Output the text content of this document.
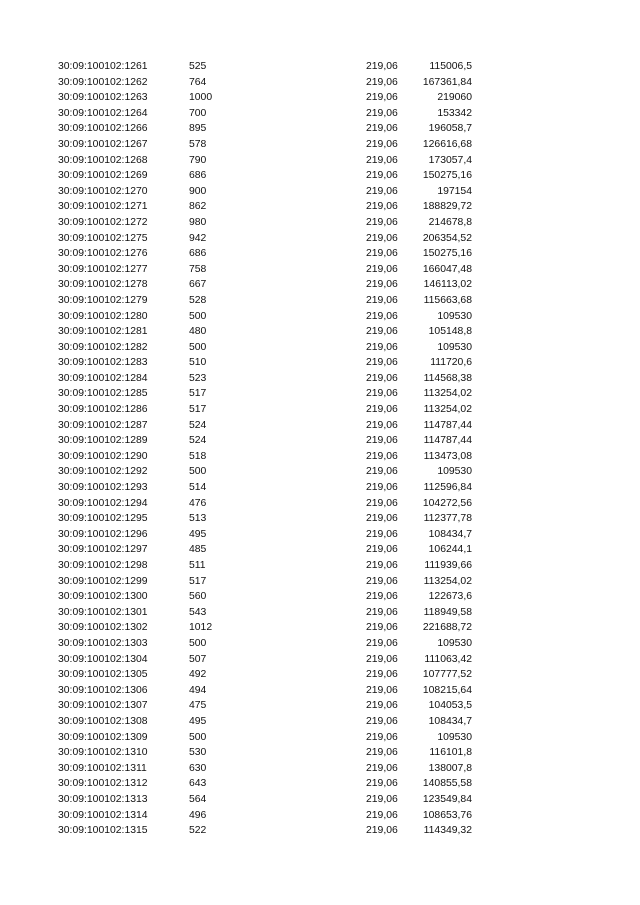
30:09:100102:1261	525	219,06	115006,5
30:09:100102:1262	764	219,06 167361,84
30:09:100102:1263	1000	219,06	219060
30:09:100102:1264	700	219,06	153342
30:09:100102:1266	895	219,06	196058,7
30:09:100102:1267	578	219,06 126616,68
30:09:100102:1268	790	219,06	173057,4
30:09:100102:1269	686	219,06 150275,16
30:09:100102:1270	900	219,06	197154
30:09:100102:1271	862	219,06 188829,72
30:09:100102:1272	980	219,06	214678,8
30:09:100102:1275	942	219,06 206354,52
30:09:100102:1276	686	219,06 150275,16
30:09:100102:1277	758	219,06 166047,48
30:09:100102:1278	667	219,06 146113,02
30:09:100102:1279	528	219,06 115663,68
30:09:100102:1280	500	219,06	109530
30:09:100102:1281	480	219,06	105148,8
30:09:100102:1282	500	219,06	109530
30:09:100102:1283	510	219,06	111720,6
30:09:100102:1284	523	219,06 114568,38
30:09:100102:1285	517	219,06 113254,02
30:09:100102:1286	517	219,06 113254,02
30:09:100102:1287	524	219,06 114787,44
30:09:100102:1289	524	219,06 114787,44
30:09:100102:1290	518	219,06 113473,08
30:09:100102:1292	500	219,06	109530
30:09:100102:1293	514	219,06 112596,84
30:09:100102:1294	476	219,06 104272,56
30:09:100102:1295	513	219,06 112377,78
30:09:100102:1296	495	219,06	108434,7
30:09:100102:1297	485	219,06	106244,1
30:09:100102:1298	511	219,06	111939,66
30:09:100102:1299	517	219,06 113254,02
30:09:100102:1300	560	219,06	122673,6
30:09:100102:1301	543	219,06 118949,58
30:09:100102:1302	1012	219,06 221688,72
30:09:100102:1303	500	219,06	109530
30:09:100102:1304	507	219,06	111063,42
30:09:100102:1305	492	219,06 107777,52
30:09:100102:1306	494	219,06 108215,64
30:09:100102:1307	475	219,06	104053,5
30:09:100102:1308	495	219,06	108434,7
30:09:100102:1309	500	219,06	109530
30:09:100102:1310	530	219,06	116101,8
30:09:100102:1311	630	219,06	138007,8
30:09:100102:1312	643	219,06 140855,58
30:09:100102:1313	564	219,06 123549,84
30:09:100102:1314	496	219,06 108653,76
30:09:100102:1315	522	219,06 114349,32
